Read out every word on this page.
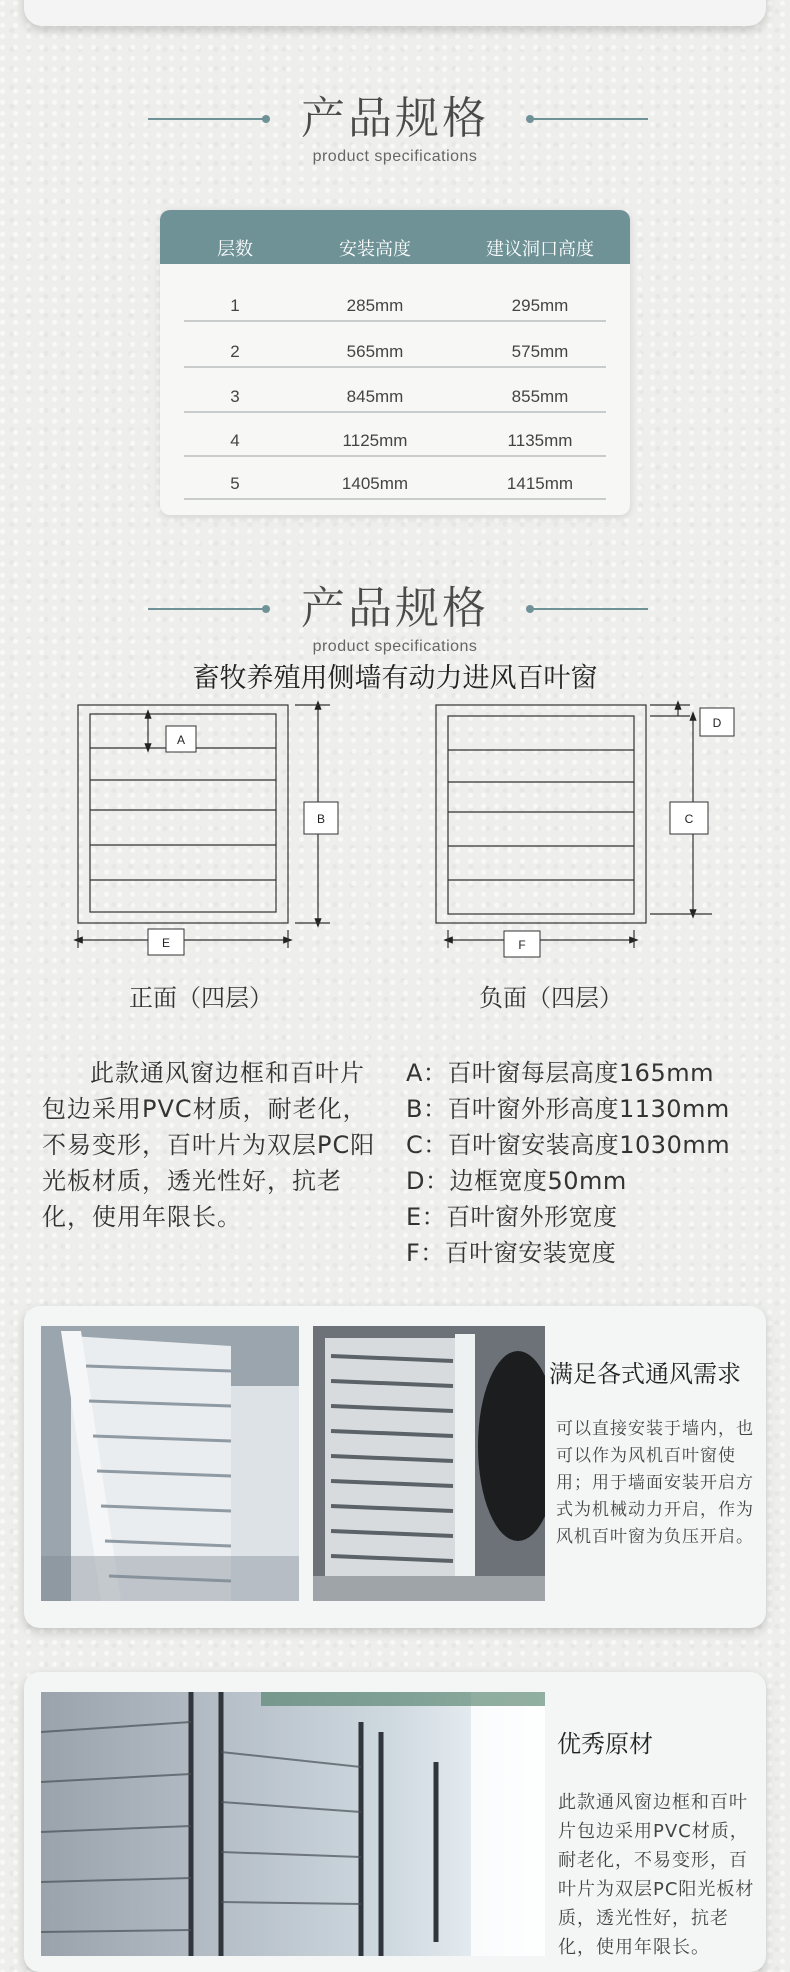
产品规格
product specifications
层数	安装高度	建议洞口高度
1	285mm	295mm
2	565mm	575mm
3	845mm	855mm
4	1125mm	1135mm
5	1405mm	1415mm
产品规格
product specifications
畜牧养殖用侧墙有动力进风百叶窗
A
B
E
D
C
F
正面（四层）	负面（四层）
此款通风窗边框和百叶片包边采用PVC材质，耐老化，不易变形，百叶片为双层PC阳光板材质，透光性好，抗老化，使用年限长。
A：百叶窗每层高度165mm
B：百叶窗外形高度1130mm
C：百叶窗安装高度1030mm
D：边框宽度50mm
E：百叶窗外形宽度
F：百叶窗安装宽度
满足各式通风需求
可以直接安装于墙内，也可以作为风机百叶窗使用；用于墙面安装开启方式为机械动力开启，作为风机百叶窗为负压开启。
优秀原材
此款通风窗边框和百叶片包边采用PVC材质，耐老化，不易变形，百叶片为双层PC阳光板材质，透光性好，抗老化，使用年限长。
